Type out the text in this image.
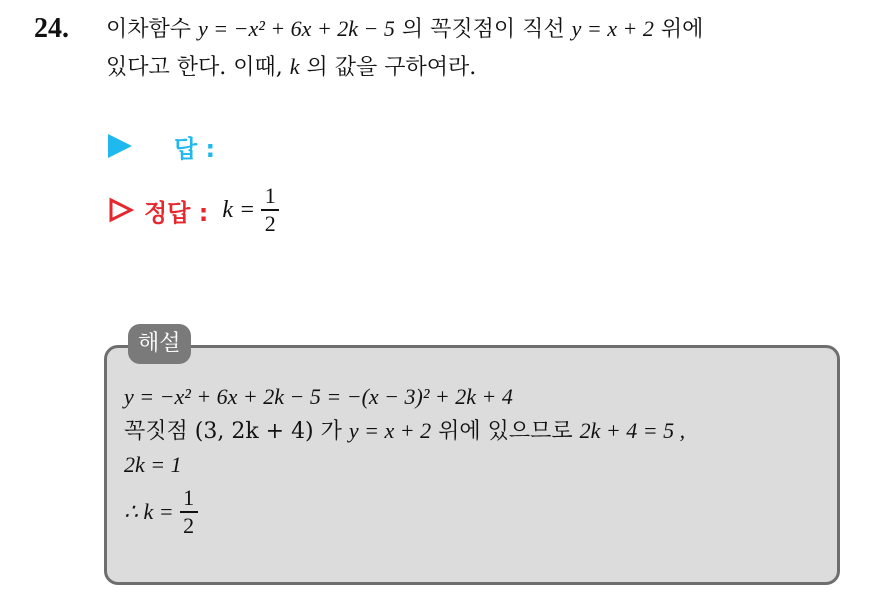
24. 이차함수 y = −x² + 6x + 2k − 5 의 꼭짓점이 직선 y = x + 2 위에
있다고 한다. 이때, k 의 값을 구하여라.
답 :
정답 : $k = \frac{1}{2}$
해설
y = −x² + 6x + 2k − 5 = −(x − 3)² + 2k + 4
꼭짓점 (3, 2k + 4) 가 y = x + 2 위에 있으므로 2k + 4 = 5 ,
2k = 1
∴ $k = \frac{1}{2}$
